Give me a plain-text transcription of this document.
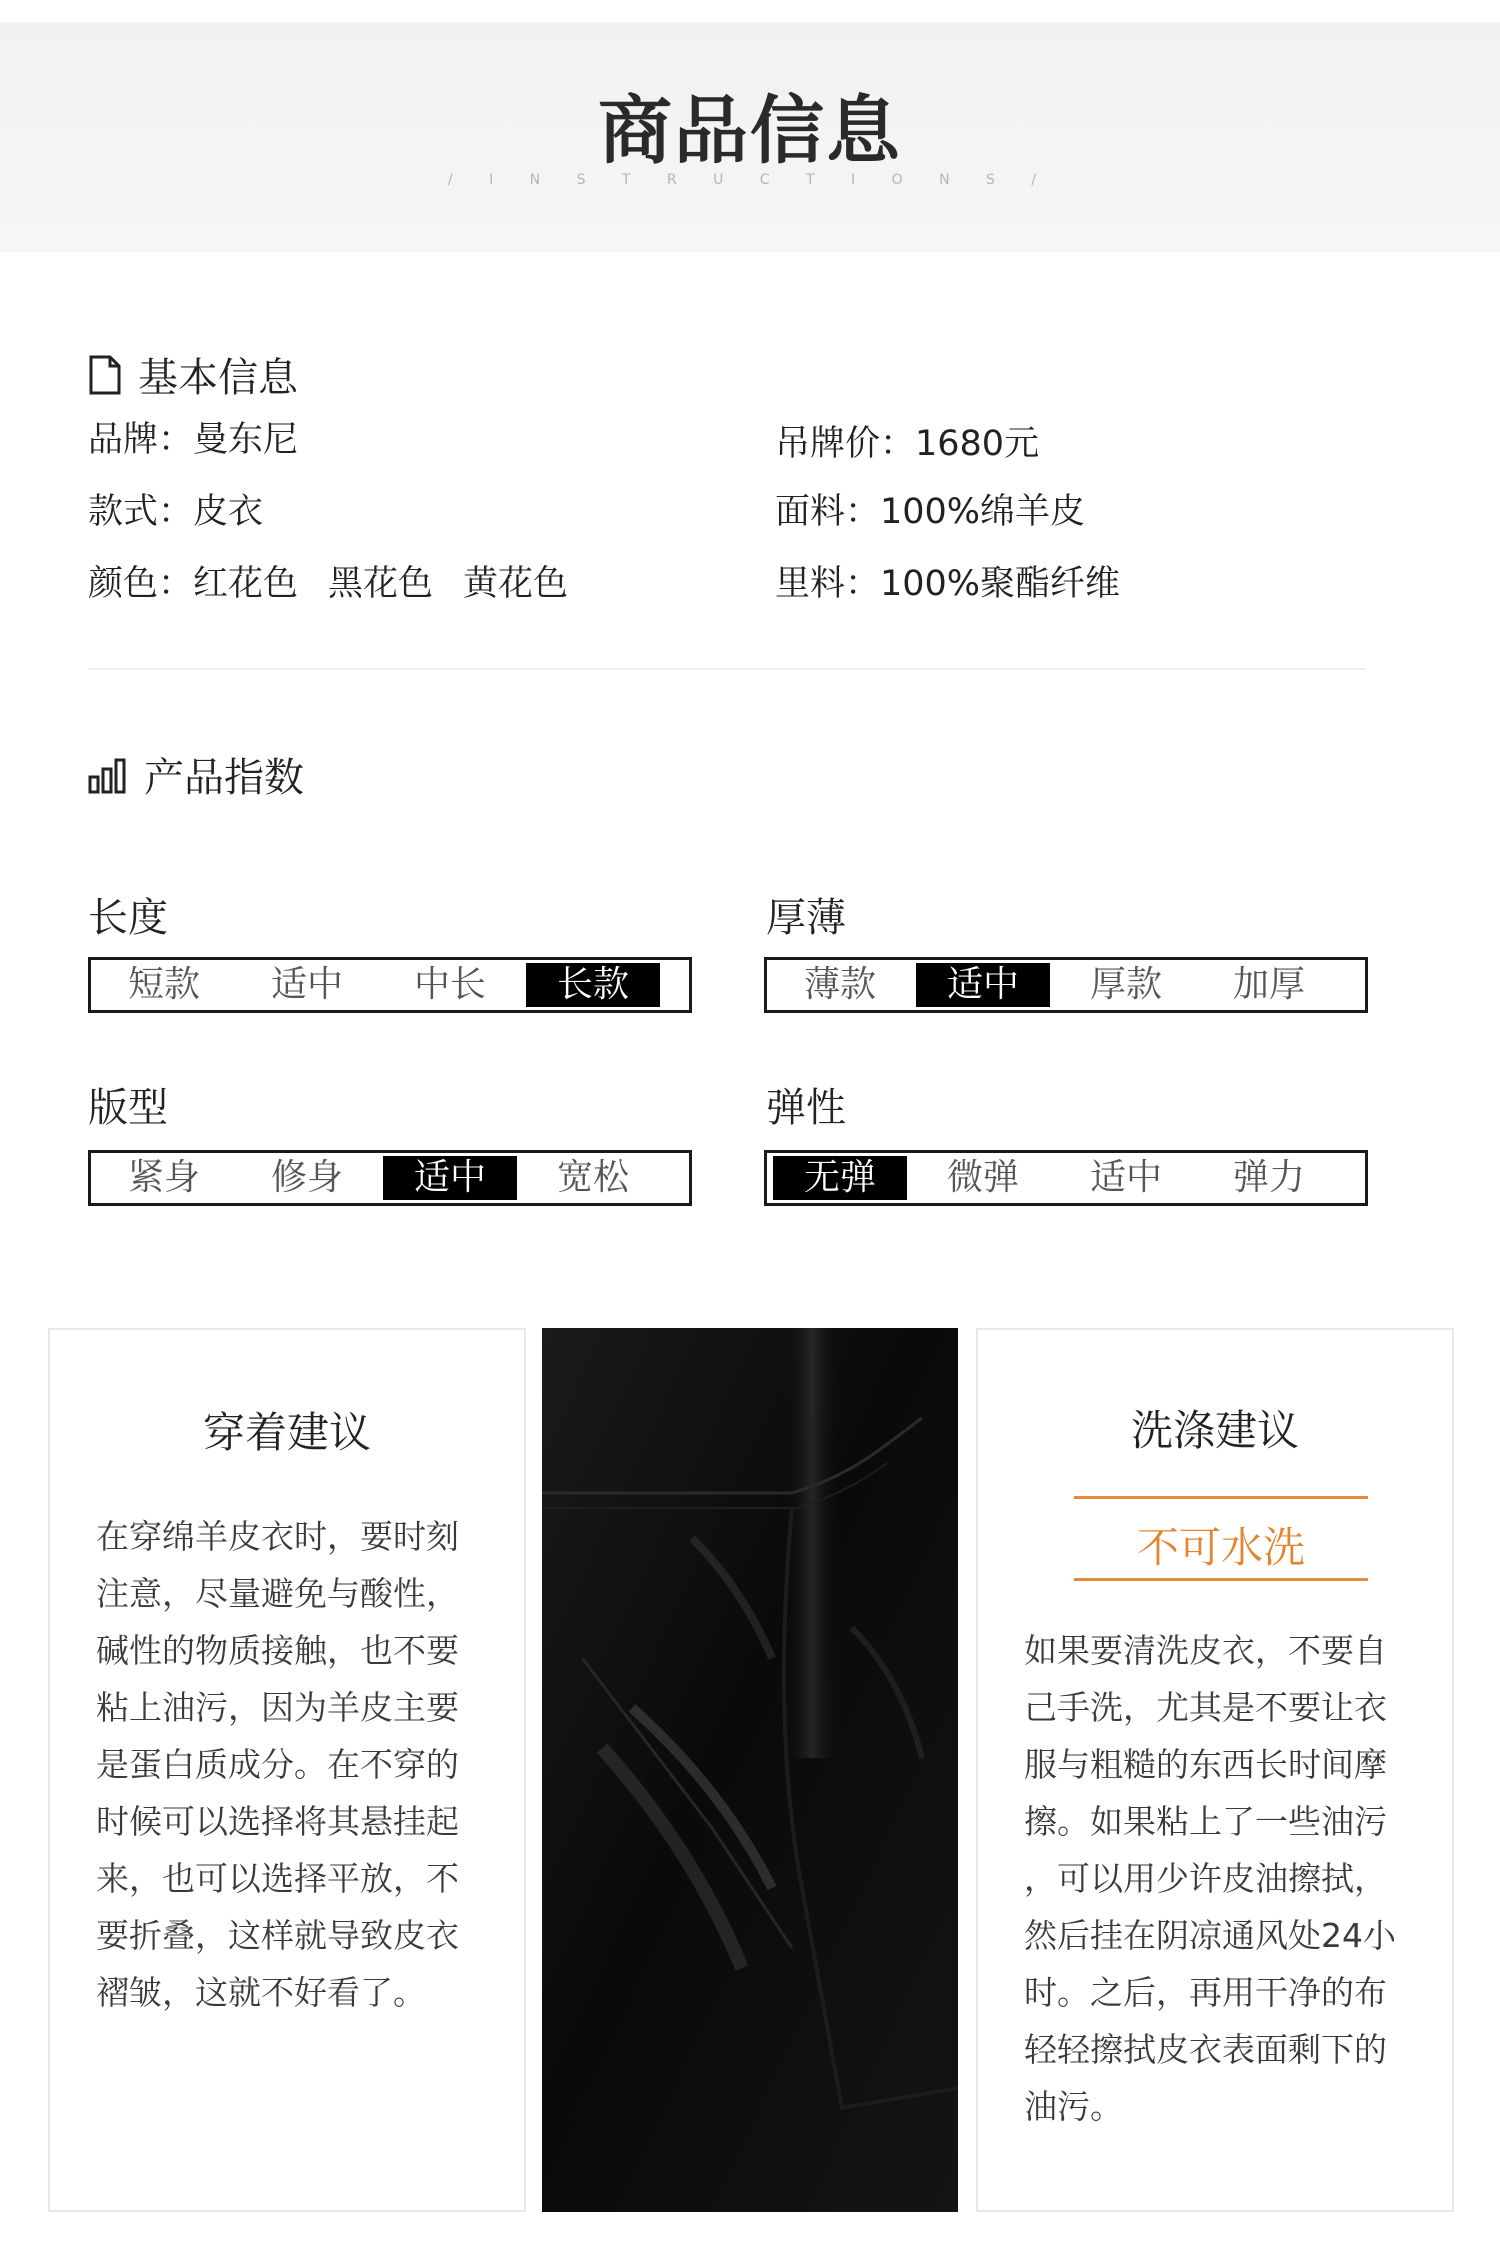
商品信息
/ I N S T R U C T I O N S /
基本信息
品牌：曼东尼
款式：皮衣
颜色：红花色 黑花色 黄花色
吊牌价：1680元
面料：100%绵羊皮
里料：100%聚酯纤维
产品指数
长度
短款	适中	中长	长款
厚薄
薄款	适中	厚款	加厚
版型
紧身	修身	适中	宽松
弹性
无弹	微弹	适中	弹力
穿着建议
在穿绵羊皮衣时，要时刻
注意，尽量避免与酸性，
碱性的物质接触，也不要
粘上油污，因为羊皮主要
是蛋白质成分。在不穿的
时候可以选择将其悬挂起
来，也可以选择平放，不
要折叠，这样就导致皮衣
褶皱，这就不好看了。
洗涤建议
如果要清洗皮衣，不要自
己手洗，尤其是不要让衣
服与粗糙的东西长时间摩
擦。如果粘上了一些油污
，可以用少许皮油擦拭，
然后挂在阴凉通风处24小
时。之后，再用干净的布
轻轻擦拭皮衣表面剩下的
油污。
不可水洗
